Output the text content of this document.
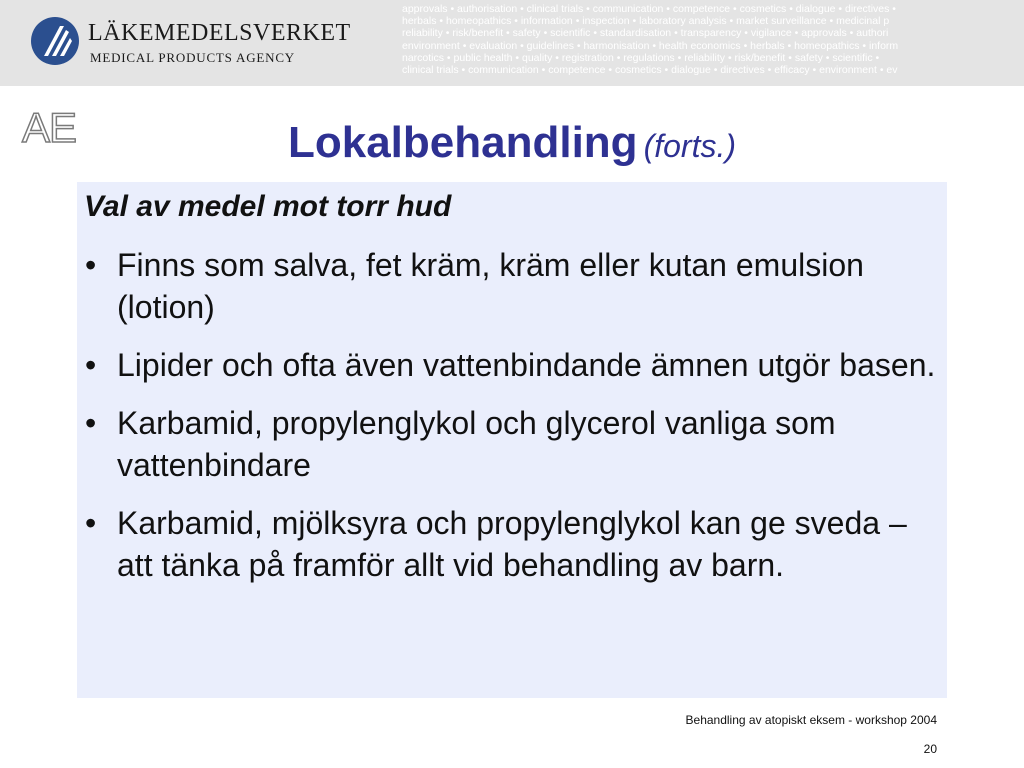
LÄKEMEDELSVERKET
MEDICAL PRODUCTS AGENCY
approvals • authorisation • clinical trials • communication • competence • cosmetics • dialogue • directives •
herbals • homeopathics • information • inspection • laboratory analysis • market surveillance • medicinal p
reliability • risk/benefit • safety • scientific • standardisation • transparency • vigilance • approvals • authori
environment • evaluation • guidelines • harmonisation • health economics • herbals • homeopathics • inform
narcotics • public health • quality • registration • regulations • reliability • risk/benefit • safety • scientific •
clinical trials • communication • competence • cosmetics • dialogue • directives • efficacy • environment • ev
AE	Lokalbehandling (forts.)
Val av medel mot torr hud
• Finns som salva, fet kräm, kräm eller kutan emulsion (lotion)
• Lipider och ofta även vattenbindande ämnen utgör basen.
• Karbamid, propylenglykol och glycerol vanliga som vattenbindare
• Karbamid, mjölksyra och propylenglykol kan ge sveda – att tänka på framför allt vid behandling av barn.
Behandling av atopiskt eksem - workshop 2004
20
